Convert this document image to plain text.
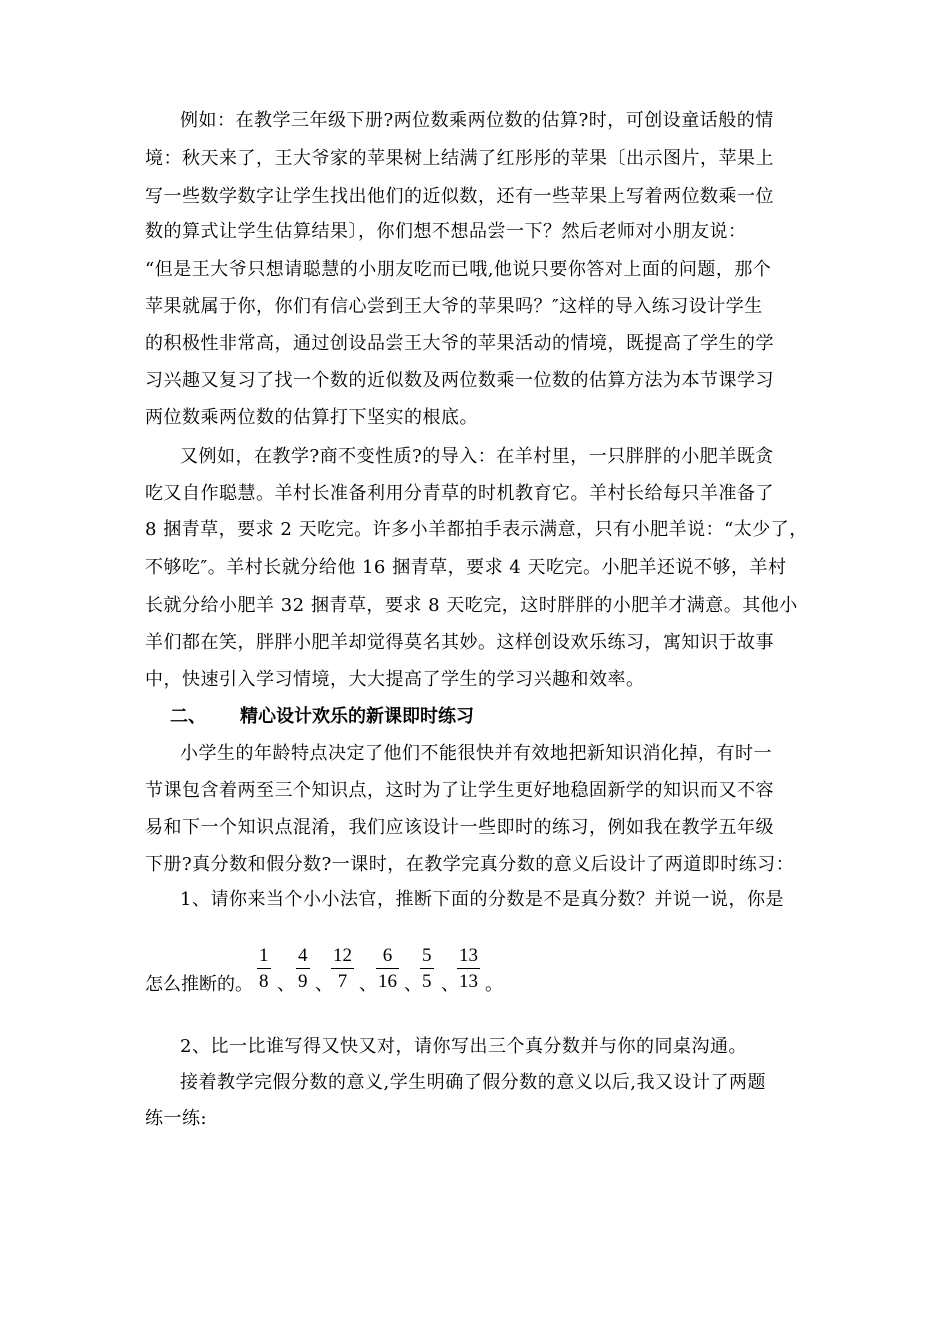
例如：在教学三年级下册?两位数乘两位数的估算?时，可创设童话般的情
境：秋天来了，王大爷家的苹果树上结满了红彤彤的苹果〔出示图片，苹果上
写一些数学数字让学生找出他们的近似数，还有一些苹果上写着两位数乘一位
数的算式让学生估算结果〕，你们想不想品尝一下？然后老师对小朋友说：
“但是王大爷只想请聪慧的小朋友吃而已哦,他说只要你答对上面的问题，那个
苹果就属于你，你们有信心尝到王大爷的苹果吗？″这样的导入练习设计学生
的积极性非常高，通过创设品尝王大爷的苹果活动的情境，既提高了学生的学
习兴趣又复习了找一个数的近似数及两位数乘一位数的估算方法为本节课学习
两位数乘两位数的估算打下坚实的根底。
又例如，在教学?商不变性质?的导入：在羊村里，一只胖胖的小肥羊既贪
吃又自作聪慧。羊村长准备利用分青草的时机教育它。羊村长给每只羊准备了
8 捆青草，要求 2 天吃完。许多小羊都拍手表示满意，只有小肥羊说：“太少了，
不够吃″。羊村长就分给他 16 捆青草，要求 4 天吃完。小肥羊还说不够，羊村
长就分给小肥羊 32 捆青草，要求 8 天吃完，这时胖胖的小肥羊才满意。其他小
羊们都在笑，胖胖小肥羊却觉得莫名其妙。这样创设欢乐练习，寓知识于故事
中，快速引入学习情境，大大提高了学生的学习兴趣和效率。
二、 精心设计欢乐的新课即时练习
小学生的年龄特点决定了他们不能很快并有效地把新知识消化掉，有时一
节课包含着两至三个知识点，这时为了让学生更好地稳固新学的知识而又不容
易和下一个知识点混淆，我们应该设计一些即时的练习，例如我在教学五年级
下册?真分数和假分数?一课时，在教学完真分数的意义后设计了两道即时练习：
1、请你来当个小小法官，推断下面的分数是不是真分数？并说一说，你是
怎么推断的。 $\frac{1}{8}$ 、 $\frac{4}{9}$ 、
$\frac{12}{7}$ 、 $\frac{6}{16}$ 、
$\frac{5}{5}$ 、
$\frac{13}{13}$ 。
2、比一比谁写得又快又对，请你写出三个真分数并与你的同桌沟通。
接着教学完假分数的意义,学生明确了假分数的意义以后,我又设计了两题
练一练:
